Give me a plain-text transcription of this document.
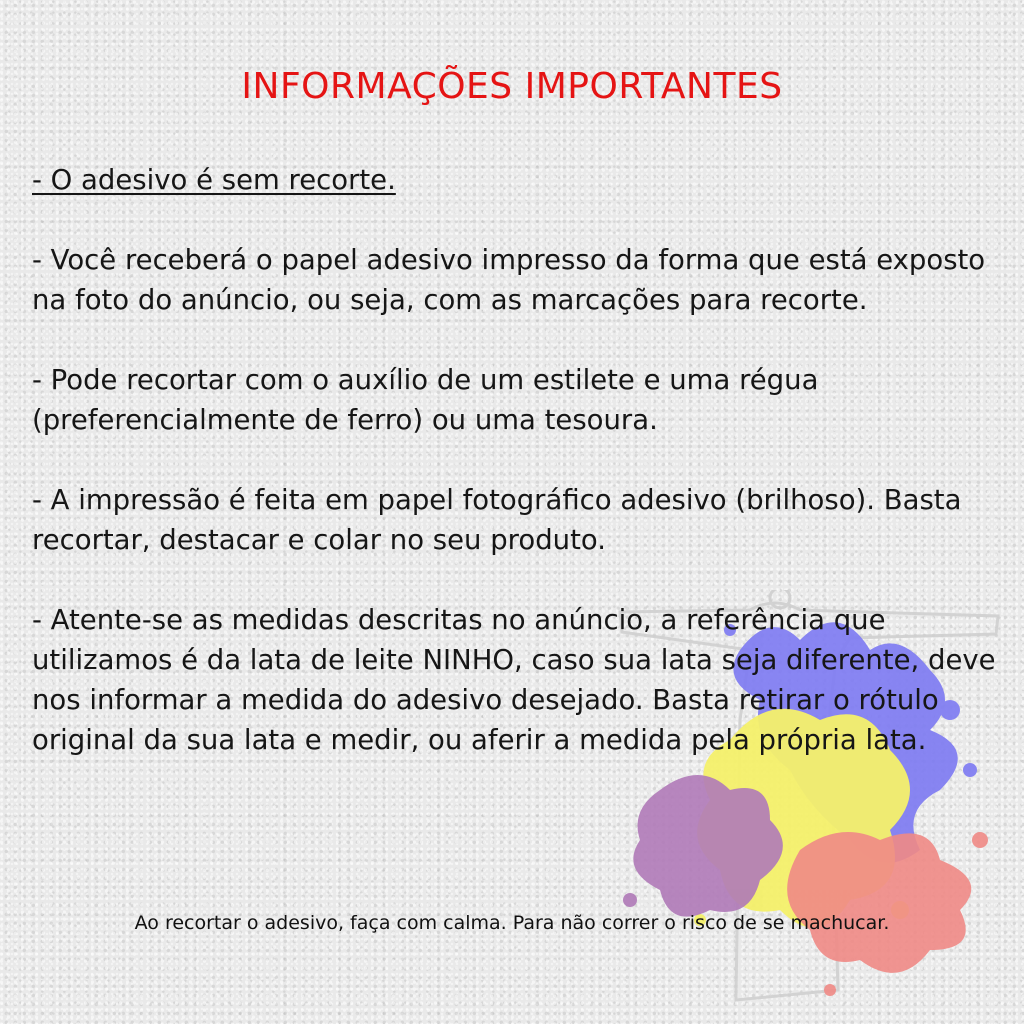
INFORMAÇÕES IMPORTANTES

- O adesivo é sem recorte.

- Você receberá o papel adesivo impresso da forma que está exposto na foto do anúncio, ou seja, com as marcações para recorte.

- Pode recortar com o auxílio de um estilete e uma régua (preferencialmente de ferro) ou uma tesoura.

- A impressão é feita em papel fotográfico adesivo (brilhoso). Basta recortar, destacar e colar no seu produto.

- Atente-se as medidas descritas no anúncio, a referência que utilizamos é da lata de leite NINHO, caso sua lata seja diferente, deve nos informar a medida do adesivo desejado. Basta retirar o rótulo original da sua lata e medir, ou aferir a medida pela própria lata.

Ao recortar o adesivo, faça com calma. Para não correr o risco de se machucar.
